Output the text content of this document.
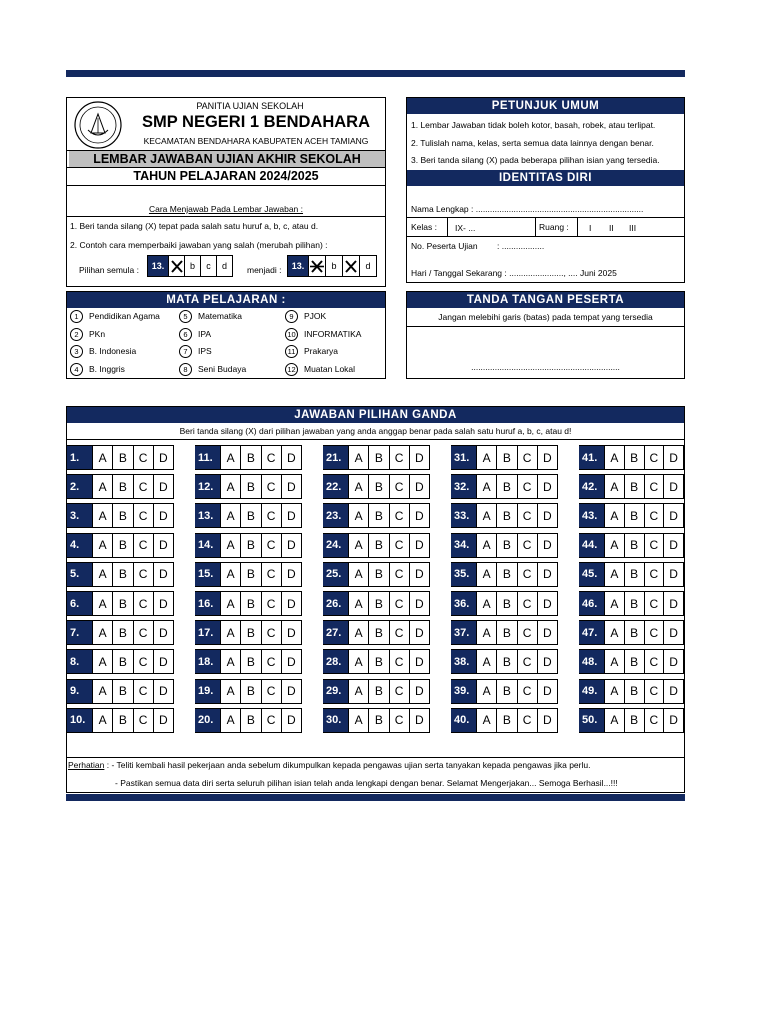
PANITIA UJIAN SEKOLAH
SMP NEGERI 1 BENDAHARA
KECAMATAN BENDAHARA KABUPATEN ACEH TAMIANG
LEMBAR JAWABAN UJIAN AKHIR SEKOLAH
TAHUN PELAJARAN 2024/2025
Cara Menjawab Pada Lembar Jawaban :
1. Beri tanda silang (X) tepat pada salah satu huruf a, b, c, atau d.
2. Contoh cara memperbaiki jawaban yang salah (merubah pilihan) :
Pilihan semula :	13.	b	c	d	menjadi :	13.	b	d
PETUNJUK UMUM
1. Lembar Jawaban tidak boleh kotor, basah, robek, atau terlipat.
2. Tulislah nama, kelas, serta semua data lainnya dengan benar.
3. Beri tanda silang (X) pada beberapa pilihan isian yang tersedia.
IDENTITAS DIRI
Nama Lengkap : .......................................................................
Kelas : IX- ...	Ruang : I II III
No. Peserta Ujian : ..................
Hari / Tanggal Sekarang : ......................., .... Juni 2025
MATA PELAJARAN :
1 Pendidikan Agama
2 PKn
3 B. Indonesia
4 B. Inggris
5 Matematika
6 IPA
7 IPS
8 Seni Budaya
9 PJOK
10 INFORMATIKA
11 Prakarya
12 Muatan Lokal
TANDA TANGAN PESERTA
Jangan melebihi garis (batas) pada tempat yang tersedia
...............................................................
JAWABAN PILIHAN GANDA
Beri tanda silang (X) dari pilihan jawaban yang anda anggap benar pada salah satu huruf a, b, c, atau d!
1.	A	B C D
2.	A	B C D
3.	A	B C D
4.	A	B C D
5.	A	B C D
6.	A	B C D
7.	A	B C D
8.	A	B C D
9.	A	B C D
10.	A	B C D
11.	A	B C D
12.	A	B C D
13.	A	B C D
14.	A	B C D
15.	A	B C D
16.	A	B C D
17.	A	B C D
18.	A	B C D
19.	A	B C D
20.	A	B C D
21.	A	B C D
22.	A	B C D
23.	A	B C D
24.	A	B C D
25.	A	B C D
26.	A	B C D
27.	A	B C D
28.	A	B C D
29.	A	B C D
30.	A	B C D
31.	A	B C D
32.	A	B C D
33.	A	B C D
34.	A	B C D
35.	A	B C D
36.	A	B C D
37.	A	B C D
38.	A	B C D
39.	A	B C D
40.	A	B C D
41.	A B C D
42.	A B C D
43.	A B C D
44.	A B C D
45.	A B C D
46.	A B C D
47.	A B C D
48.	A B C D
49.	A B C D
50.	A B C D
Perhatian : - Teliti kembali hasil pekerjaan anda sebelum dikumpulkan kepada pengawas ujian serta tanyakan kepada pengawas jika perlu.
- Pastikan semua data diri serta seluruh pilihan isian telah anda lengkapi dengan benar. Selamat Mengerjakan... Semoga Berhasil...!!!
